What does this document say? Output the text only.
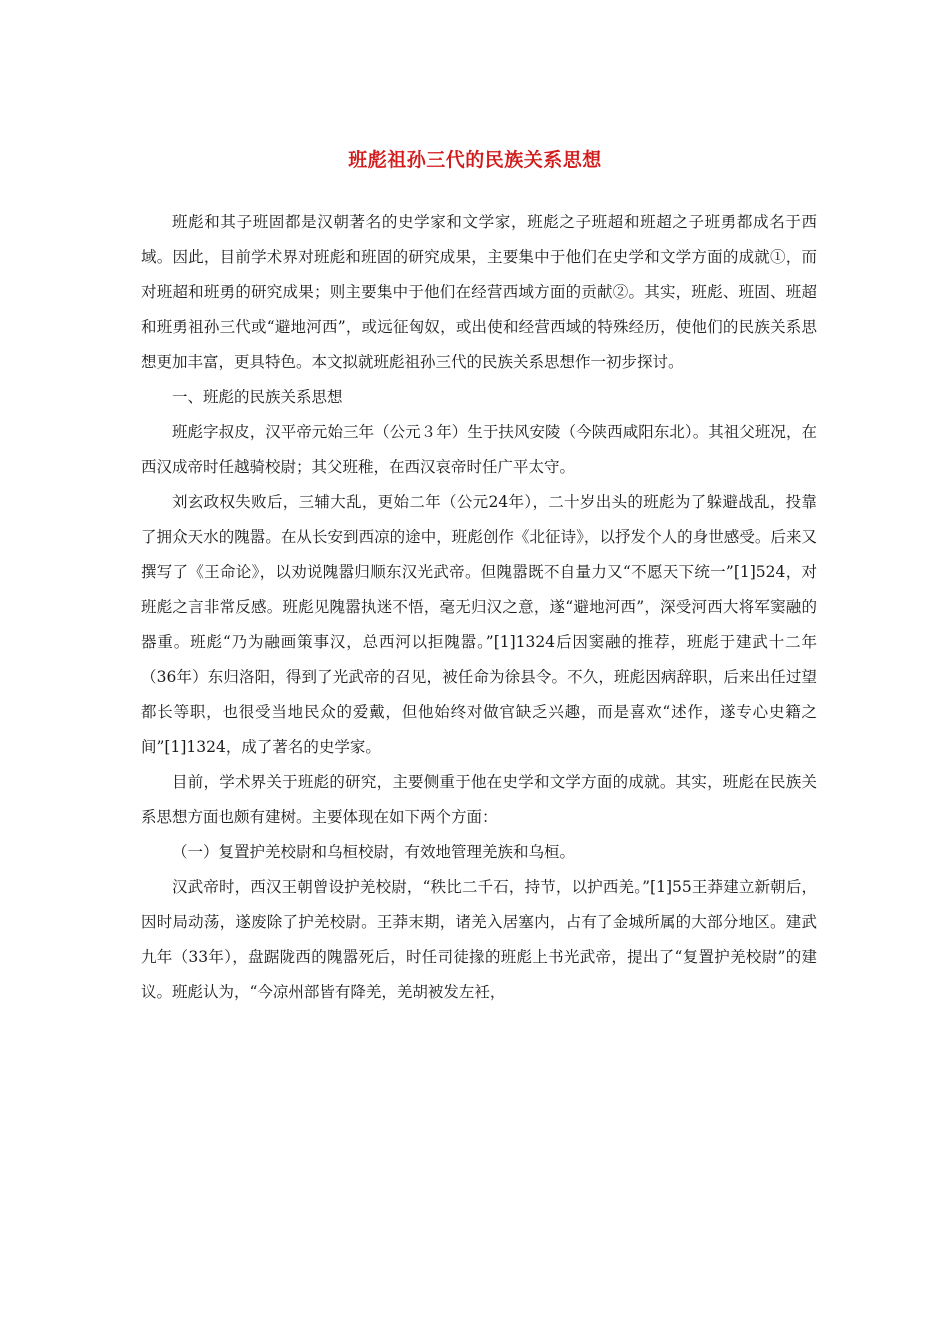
班彪祖孙三代的民族关系思想

班彪和其子班固都是汉朝著名的史学家和文学家，班彪之子班超和班超之子班勇都成名于西域。因此，目前学术界对班彪和班固的研究成果，主要集中于他们在史学和文学方面的成就①，而对班超和班勇的研究成果；则主要集中于他们在经营西域方面的贡献②。其实，班彪、班固、班超和班勇祖孙三代或“避地河西”，或远征匈奴，或出使和经营西域的特殊经历，使他们的民族关系思想更加丰富，更具特色。本文拟就班彪祖孙三代的民族关系思想作一初步探讨。

一、班彪的民族关系思想

班彪字叔皮，汉平帝元始三年（公元３年）生于扶风安陵（今陕西咸阳东北）。其祖父班况，在西汉成帝时任越骑校尉；其父班稚，在西汉哀帝时任广平太守。

刘玄政权失败后，三辅大乱，更始二年（公元24年），二十岁出头的班彪为了躲避战乱，投靠了拥众天水的隗嚣。在从长安到西凉的途中，班彪创作《北征诗》，以抒发个人的身世感受。后来又撰写了《王命论》，以劝说隗嚣归顺东汉光武帝。但隗嚣既不自量力又“不愿天下统一”[1]524，对班彪之言非常反感。班彪见隗嚣执迷不悟，毫无归汉之意，遂“避地河西”，深受河西大将军窦融的器重。班彪“乃为融画策事汉，总西河以拒隗嚣。”[1]1324后因窦融的推荐，班彪于建武十二年（36年）东归洛阳，得到了光武帝的召见，被任命为徐县令。不久，班彪因病辞职，后来出任过望都长等职，也很受当地民众的爱戴，但他始终对做官缺乏兴趣，而是喜欢“述作，遂专心史籍之间”[1]1324，成了著名的史学家。

目前，学术界关于班彪的研究，主要侧重于他在史学和文学方面的成就。其实，班彪在民族关系思想方面也颇有建树。主要体现在如下两个方面：

（一）复置护羌校尉和乌桓校尉，有效地管理羌族和乌桓。

汉武帝时，西汉王朝曾设护羌校尉，“秩比二千石，持节，以护西羌。”[1]55王莽建立新朝后，因时局动荡，遂废除了护羌校尉。王莽末期，诸羌入居塞内，占有了金城所属的大部分地区。建武九年（33年），盘踞陇西的隗嚣死后，时任司徒掾的班彪上书光武帝，提出了“复置护羌校尉”的建议。班彪认为，“今凉州部皆有降羌，羌胡被发左衽，
